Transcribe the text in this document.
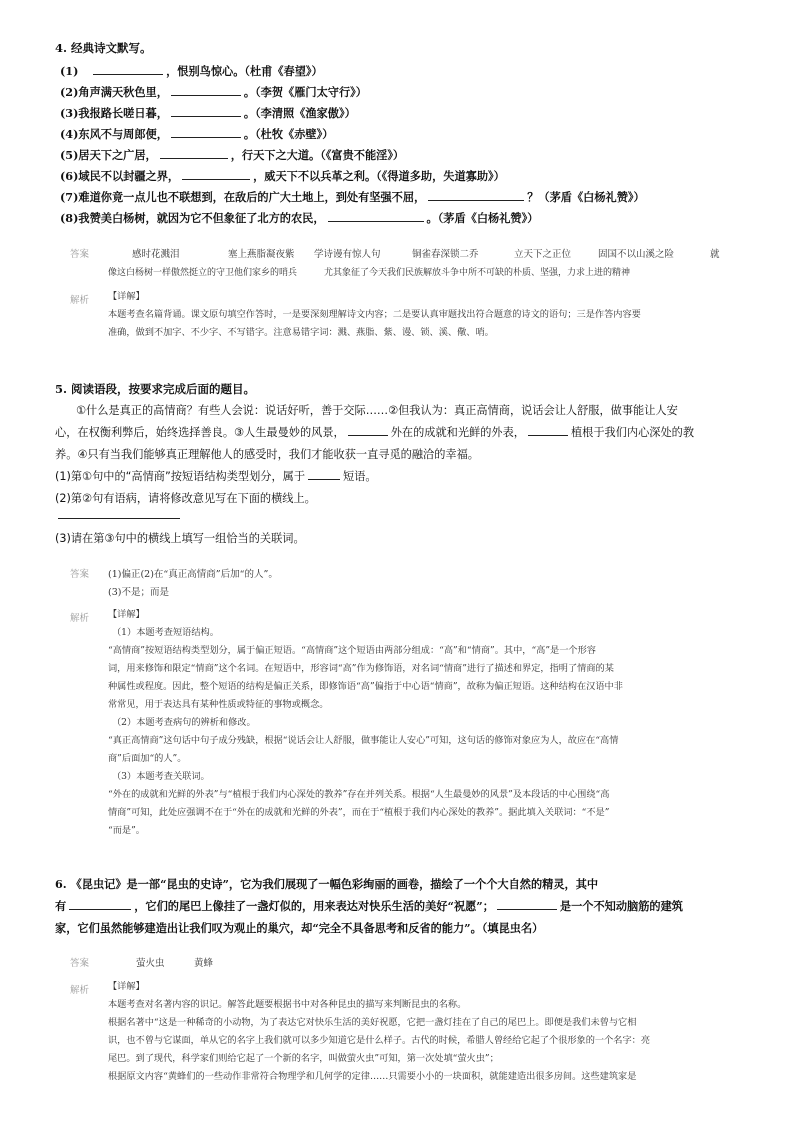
4. 经典诗文默写。
(1)	，恨别鸟惊心。（杜甫《春望》）
(2)角声满天秋色里，	。（李贺《雁门太守行》）
(3)我报路长嗟日暮，	。（李清照《渔家傲》）
(4)东风不与周郎便，	。（杜牧《赤壁》）
(5)居天下之广居，	，行天下之大道。（《富贵不能淫》）
(6)域民不以封疆之界，	，威天下不以兵革之利。（《得道多助，失道寡助》）
(7)难道你竟一点儿也不联想到，在敌后的广大土地上，到处有坚强不屈，	？（茅盾《白杨礼赞》）
(8)我赞美白杨树，就因为它不但象征了北方的农民，	。（茅盾《白杨礼赞》）
答案	感时花溅泪	塞上燕脂凝夜紫 学诗谩有惊人句	铜雀春深锁二乔	立天下之正位	固国不以山溪之险	就
像这白杨树一样傲然挺立的守卫他们家乡的哨兵　　　尤其象征了今天我们民族解放斗争中所不可缺的朴质、坚强，力求上进的精神
解析 【详解】
本题考查名篇背诵。课文原句填空作答时，一是要深刻理解诗文内容；二是要认真审题找出符合题意的诗文的语句；三是作答内容要
准确，做到不加字、不少字、不写错字。注意易错字词：溅、燕脂、紫、谩、锁、溪、儆、哨。
5. 阅读语段，按要求完成后面的题目。
①什么是真正的高情商？有些人会说：说话好听，善于交际……②但我认为：真正高情商，说话会让人舒服，做事能让人安
心，在权衡利弊后，始终选择善良。③人生最曼妙的风景，	外在的成就和光鲜的外表，	植根于我们内心深处的教
养。④只有当我们能够真正理解他人的感受时，我们才能收获一直寻觅的融洽的幸福。
(1)第①句中的“高情商”按短语结构类型划分，属于	短语。
(2)第②句有语病，请将修改意见写在下面的横线上。
(3)请在第③句中的横线上填写一组恰当的关联词。
答案 (1)偏正(2)在“真正高情商”后加“的人”。
(3)不是；而是
解析 【详解】
（1）本题考查短语结构。
“高情商”按短语结构类型划分，属于偏正短语。“高情商”这个短语由两部分组成：“高”和“情商”。其中，“高”是一个形容
词，用来修饰和限定“情商”这个名词。在短语中，形容词“高”作为修饰语，对名词“情商”进行了描述和界定，指明了情商的某
种属性或程度。因此，整个短语的结构是偏正关系，即修饰语“高”偏指于中心语“情商”，故称为偏正短语。这种结构在汉语中非
常常见，用于表达具有某种性质或特征的事物或概念。
（2）本题考查病句的辨析和修改。
“真正高情商”这句话中句子成分残缺，根据“说话会让人舒服，做事能让人安心”可知，这句话的修饰对象应为人，故应在“高情
商”后面加“的人”。
（3）本题考查关联词。
“外在的成就和光鲜的外表”与“植根于我们内心深处的教养”存在并列关系。根据“人生最曼妙的风景”及本段话的中心围绕“高
情商”可知，此处应强调不在于“外在的成就和光鲜的外表”，而在于“植根于我们内心深处的教养”。据此填入关联词：“不是”
“而是”。
6. 《昆虫记》是一部“昆虫的史诗”，它为我们展现了一幅色彩绚丽的画卷，描绘了一个个大自然的精灵，其中
有	，它们的尾巴上像挂了一盏灯似的，用来表达对快乐生活的美好“祝愿”；	是一个不知动脑筋的建筑
家，它们虽然能够建造出让我们叹为观止的巢穴，却“完全不具备思考和反省的能力”。（填昆虫名）
答案	萤火虫	黄蜂
解析 【详解】
本题考查对名著内容的识记。解答此题要根据书中对各种昆虫的描写来判断昆虫的名称。
根据名著中“这是一种稀奇的小动物，为了表达它对快乐生活的美好祝愿，它把一盏灯挂在了自己的尾巴上。即便是我们未曾与它相
识，也不曾与它谋面，单从它的名字上我们就可以多少知道它是什么样子。古代的时候，希腊人曾经给它起了个很形象的一个名字：亮
尾巴。到了现代，科学家们则给它起了一个新的名字，叫做萤火虫”可知，第一次处填“萤火虫”；
根据原文内容“黄蜂们的一些动作非常符合物理学和几何学的定律……只需要小小的一块面积，就能建造出很多房间。这些建筑家是
